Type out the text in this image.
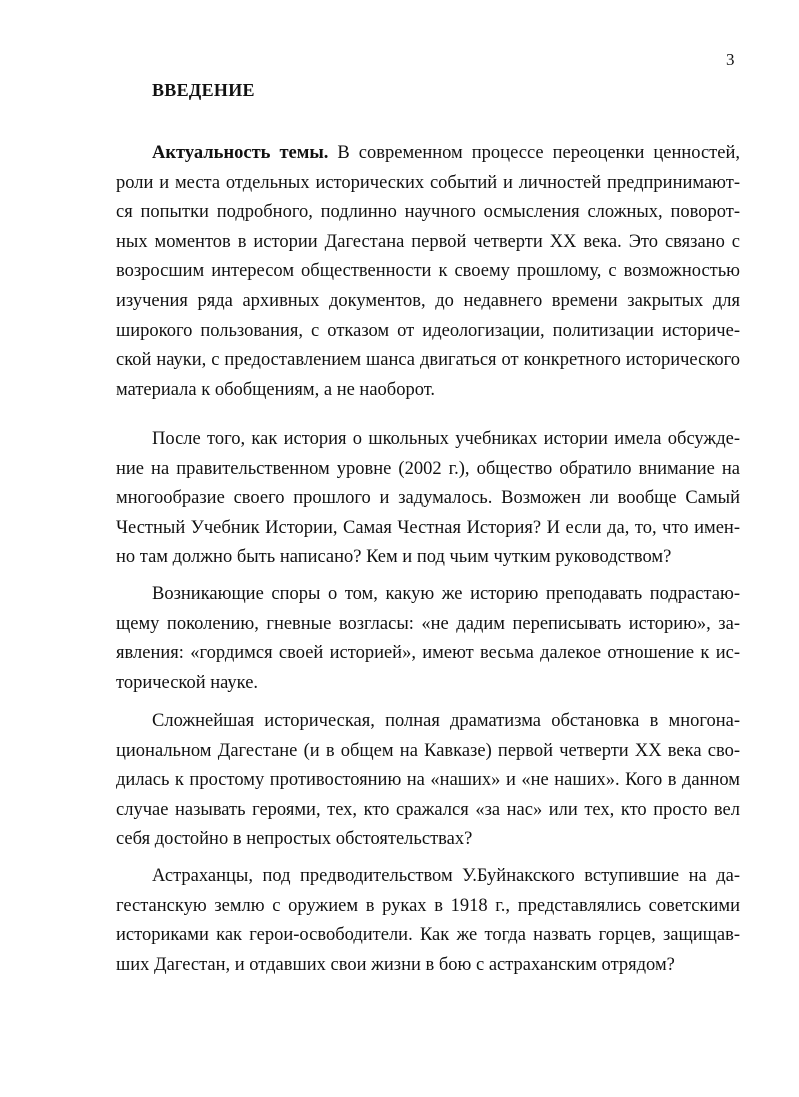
3
ВВЕДЕНИЕ

Актуальность темы. В современном процессе переоценки ценностей, роли и места отдельных исторических событий и личностей предпринимаются попытки подробного, подлинно научного осмысления сложных, поворотных моментов в истории Дагестана первой четверти XX века. Это связано с возросшим интересом общественности к своему прошлому, с возможностью изучения ряда архивных документов, до недавнего времени закрытых для широкого пользования, с отказом от идеологизации, политизации исторической науки, с предоставлением шанса двигаться от конкретного исторического материала к обобщениям, а не наоборот.

После того, как история о школьных учебниках истории имела обсуждение на правительственном уровне (2002 г.), общество обратило внимание на многообразие своего прошлого и задумалось. Возможен ли вообще Самый Честный Учебник Истории, Самая Честная История? И если да, то, что именно там должно быть написано? Кем и под чьим чутким руководством?

Возникающие споры о том, какую же историю преподавать подрастающему поколению, гневные возгласы: «не дадим переписывать историю», заявления: «гордимся своей историей», имеют весьма далекое отношение к исторической науке.

Сложнейшая историческая, полная драматизма обстановка в многонациональном Дагестане (и в общем на Кавказе) первой четверти XX века сводилась к простому противостоянию на «наших» и «не наших». Кого в данном случае называть героями, тех, кто сражался «за нас» или тех, кто просто вел себя достойно в непростых обстоятельствах?

Астраханцы, под предводительством У.Буйнакского вступившие на дагестанскую землю с оружием в руках в 1918 г., представлялись советскими историками как герои-освободители. Как же тогда назвать горцев, защищавших Дагестан, и отдавших свои жизни в бою с астраханским отрядом?
